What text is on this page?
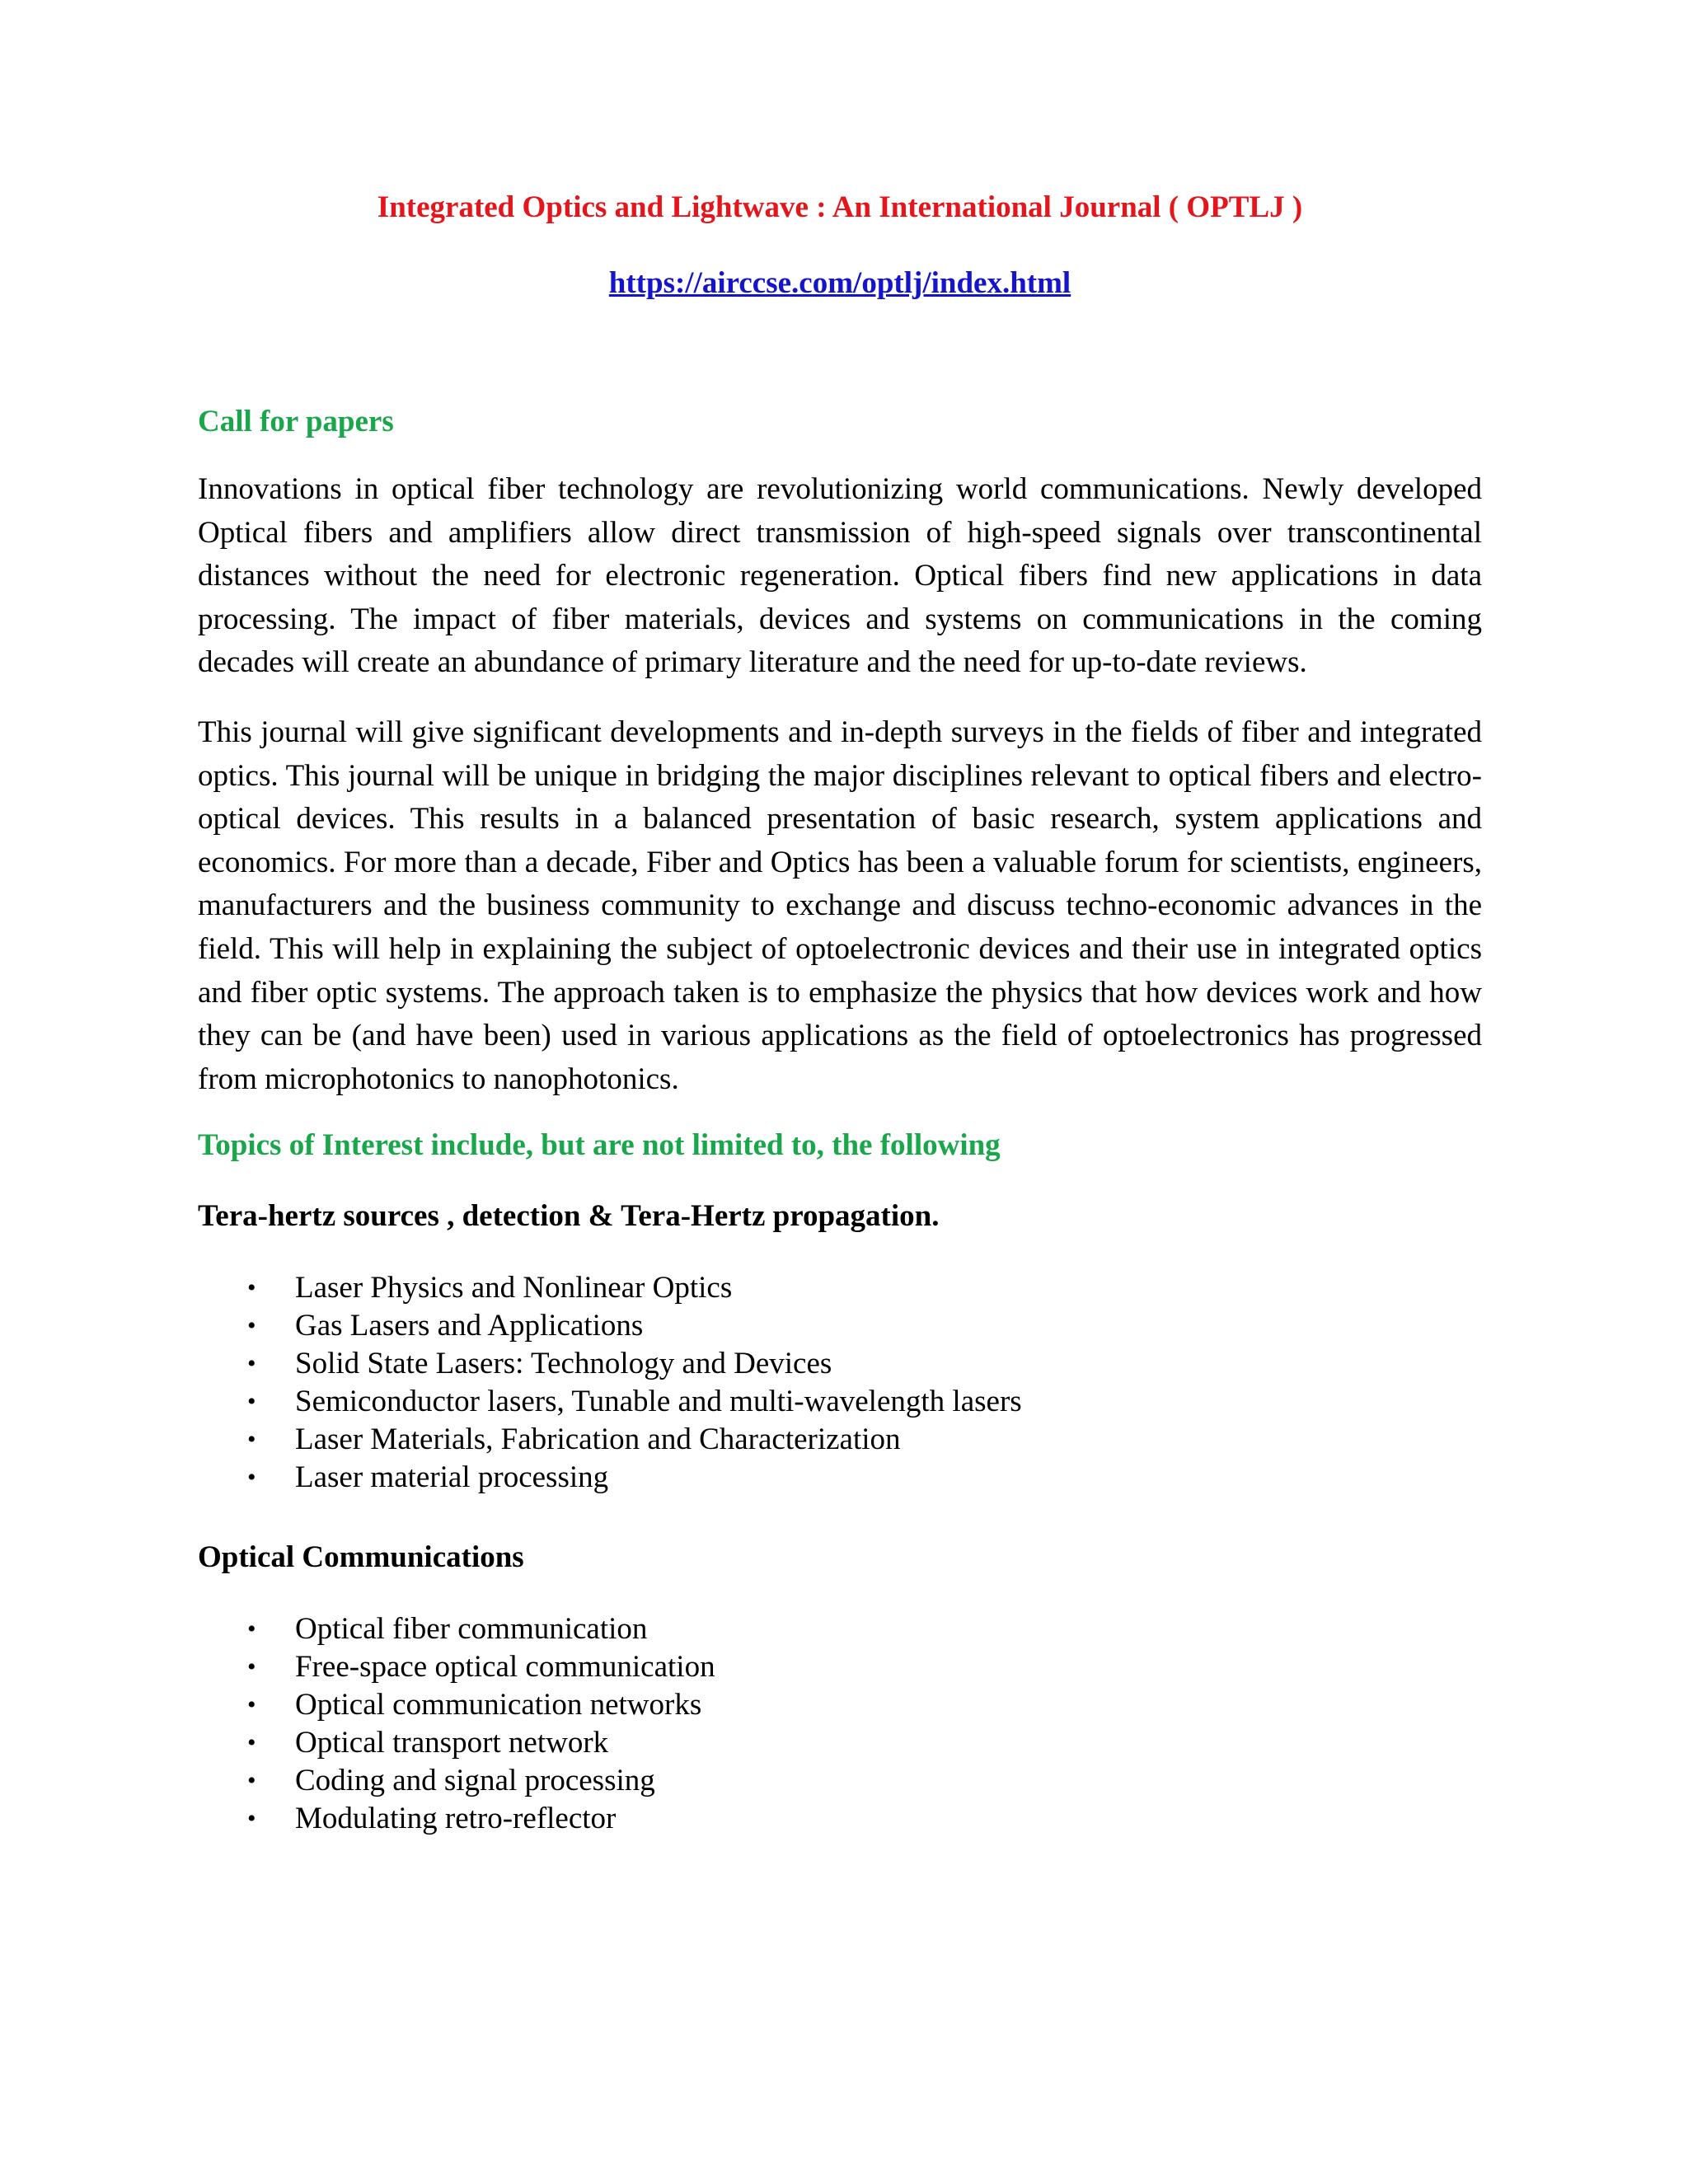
Integrated Optics and Lightwave : An International Journal ( OPTLJ )
https://airccse.com/optlj/index.html
Call for papers

Innovations in optical fiber technology are revolutionizing world communications. Newly developed Optical fibers and amplifiers allow direct transmission of high-speed signals over transcontinental distances without the need for electronic regeneration. Optical fibers find new applications in data processing. The impact of fiber materials, devices and systems on communications in the coming decades will create an abundance of primary literature and the need for up-to-date reviews.

This journal will give significant developments and in-depth surveys in the fields of fiber and integrated optics. This journal will be unique in bridging the major disciplines relevant to optical fibers and electro-optical devices. This results in a balanced presentation of basic research, system applications and economics. For more than a decade, Fiber and Optics has been a valuable forum for scientists, engineers, manufacturers and the business community to exchange and discuss techno-economic advances in the field. This will help in explaining the subject of optoelectronic devices and their use in integrated optics and fiber optic systems. The approach taken is to emphasize the physics that how devices work and how they can be (and have been) used in various applications as the field of optoelectronics has progressed from microphotonics to nanophotonics.

Topics of Interest include, but are not limited to, the following
Tera-hertz sources , detection & Tera-Hertz propagation.
• Laser Physics and Nonlinear Optics
• Gas Lasers and Applications
• Solid State Lasers: Technology and Devices
• Semiconductor lasers, Tunable and multi-wavelength lasers
• Laser Materials, Fabrication and Characterization
• Laser material processing
Optical Communications
• Optical fiber communication
• Free-space optical communication
• Optical communication networks
• Optical transport network
• Coding and signal processing
• Modulating retro-reflector
